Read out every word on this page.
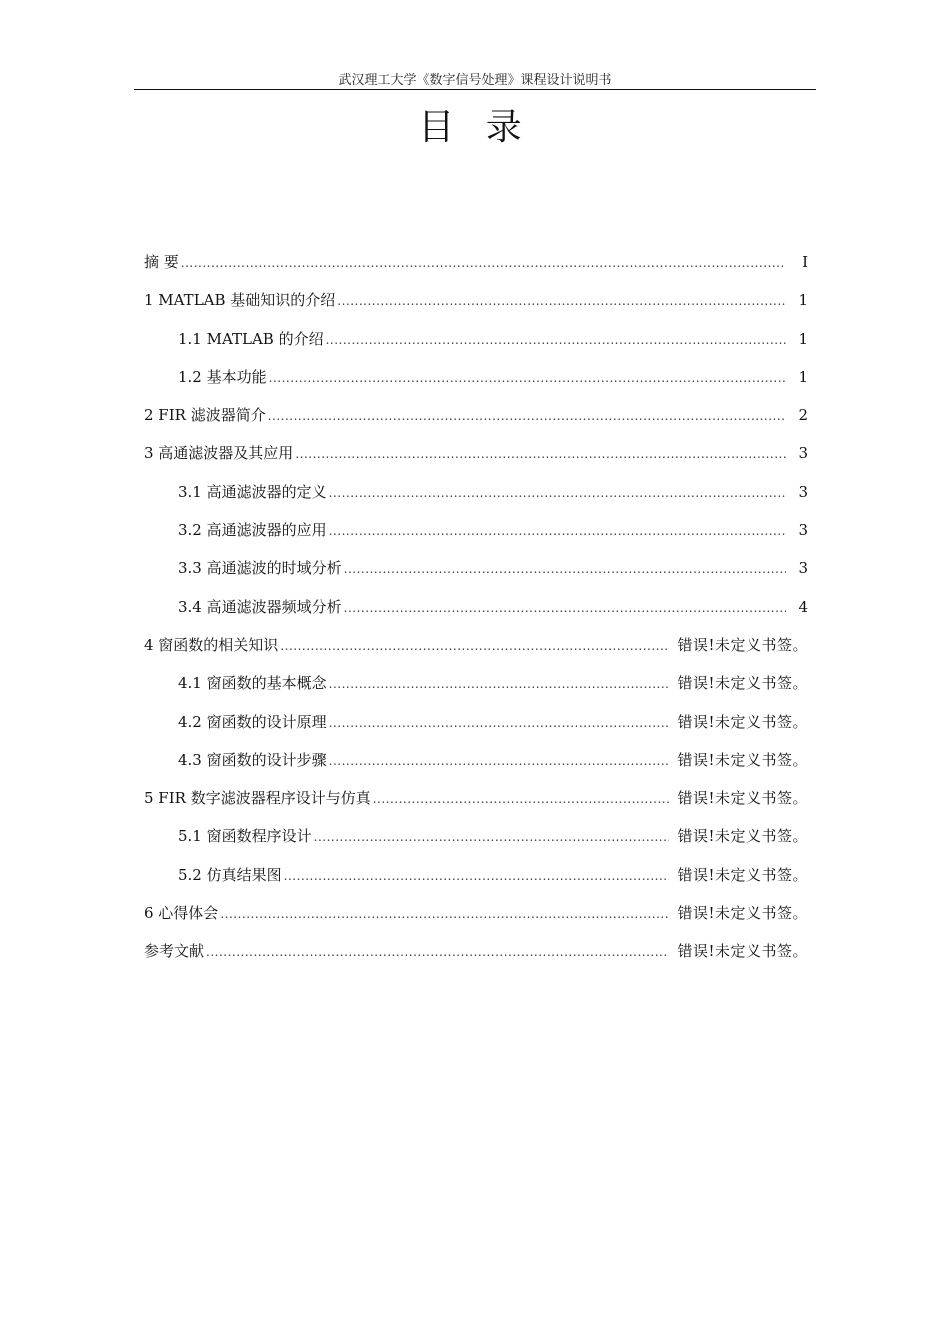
武汉理工大学《数字信号处理》课程设计说明书
目 录
摘 要 .....	I
1 MATLAB 基础知识的介绍 .....	1
1.1 MATLAB 的介绍 .....	1
1.2 基本功能 .....	1
2 FIR 滤波器简介 .....	2
3 高通滤波器及其应用 .....	3
3.1 高通滤波器的定义 .....	3
3.2 高通滤波器的应用 .....	3
3.3 高通滤波的时域分析 .....	3
3.4 高通滤波器频域分析 .....	4
4 窗函数的相关知识 .....	错误!未定义书签。
4.1 窗函数的基本概念 .....	错误!未定义书签。
4.2 窗函数的设计原理 .....	错误!未定义书签。
4.3 窗函数的设计步骤 .....	错误!未定义书签。
5 FIR 数字滤波器程序设计与仿真 .....	错误!未定义书签。
5.1 窗函数程序设计 .....	错误!未定义书签。
5.2 仿真结果图 .....	错误!未定义书签。
6 心得体会 .....	错误!未定义书签。
参考文献 .....	错误!未定义书签。
